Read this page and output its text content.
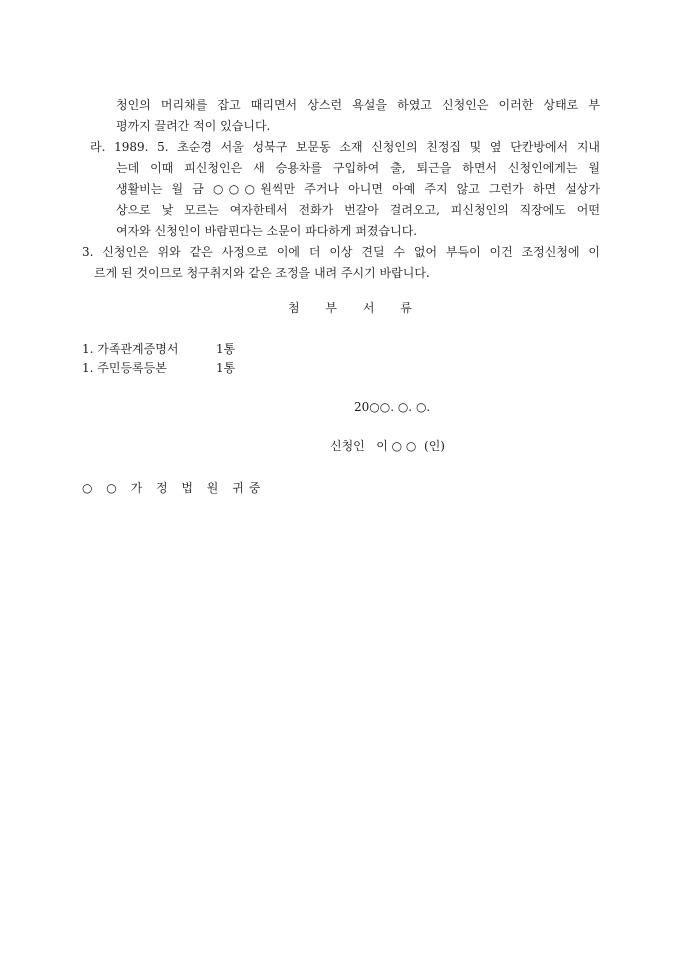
청인의 머리채를 잡고 때리면서 상스런 욕설을 하였고 신청인은 이러한 상태로 부
평까지 끌려간 적이 있습니다.
라. 1989. 5. 초순경 서울 성북구 보문동 소재 신청인의 친정집 및 옆 단칸방에서 지내
는데 이때 피신청인은 새 승용차를 구입하여 출, 퇴근을 하면서 신청인에게는 월
생활비는 월 금 ○○○원씩만 주거나 아니면 아예 주지 않고 그런가 하면 설상가
상으로 낯 모르는 여자한테서 전화가 번갈아 걸려오고, 피신청인의 직장에도 어떤
여자와 신청인이 바람핀다는 소문이 파다하게 퍼졌습니다.
3. 신청인은 위와 같은 사정으로 이에 더 이상 견딜 수 없어 부득이 이건 조정신청에 이
르게 된 것이므로 청구취지와 같은 조정을 내려 주시기 바랍니다.
첨 부 서 류
1. 가족관계증명서	1통
1. 주민등록등본	1통
20○○. ○. ○.
신청인   이 ○ ○  (인)
○ ○ 가 정 법 원 귀중
